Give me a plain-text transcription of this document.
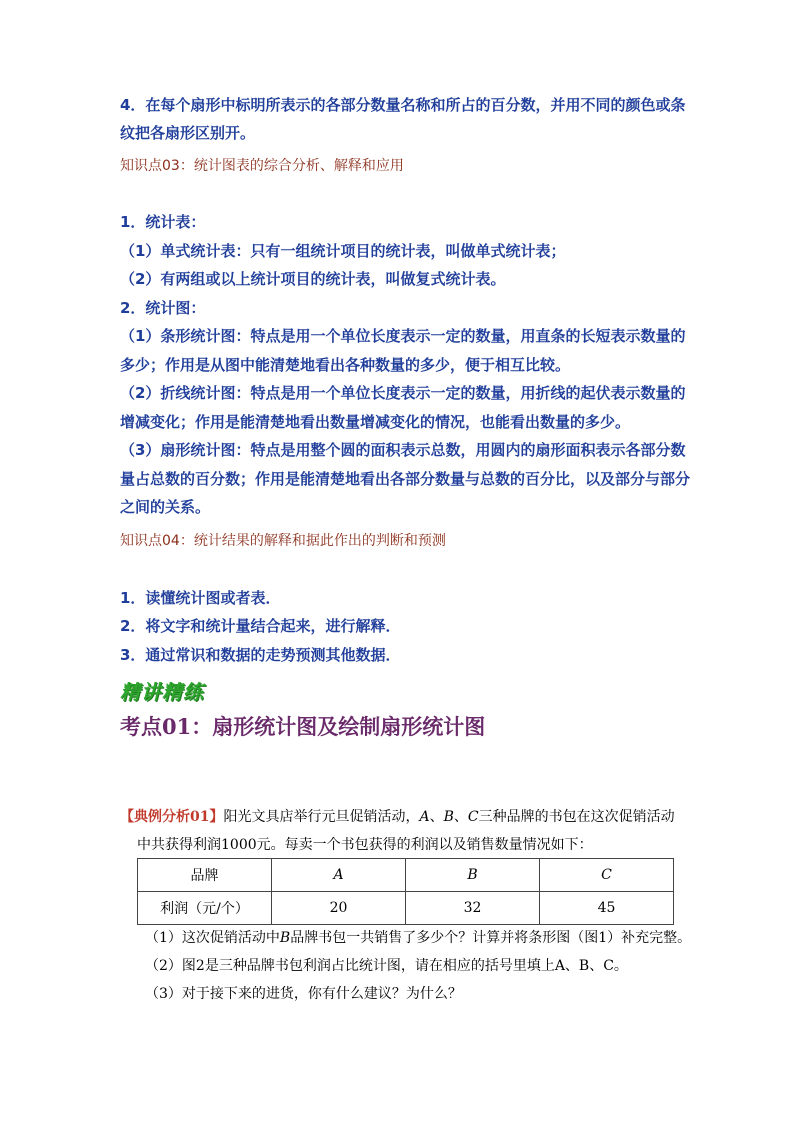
4．在每个扇形中标明所表示的各部分数量名称和所占的百分数，并用不同的颜色或条
纹把各扇形区别开。
知识点03：统计图表的综合分析、解释和应用
1．统计表：
（1）单式统计表：只有一组统计项目的统计表，叫做单式统计表；
（2）有两组或以上统计项目的统计表，叫做复式统计表。
2．统计图：
（1）条形统计图：特点是用一个单位长度表示一定的数量，用直条的长短表示数量的
多少；作用是从图中能清楚地看出各种数量的多少，便于相互比较。
（2）折线统计图：特点是用一个单位长度表示一定的数量，用折线的起伏表示数量的
增减变化；作用是能清楚地看出数量增减变化的情况，也能看出数量的多少。
（3）扇形统计图：特点是用整个圆的面积表示总数，用圆内的扇形面积表示各部分数
量占总数的百分数；作用是能清楚地看出各部分数量与总数的百分比，以及部分与部分
之间的关系。
知识点04：统计结果的解释和据此作出的判断和预测
1．读懂统计图或者表．
2．将文字和统计量结合起来，进行解释．
3．通过常识和数据的走势预测其他数据．
精讲精练
考点01：扇形统计图及绘制扇形统计图
【典例分析01】阳光文具店举行元旦促销活动，A、B、C三种品牌的书包在这次促销活动
中共获得利润1000元。每卖一个书包获得的利润以及销售数量情况如下：
品牌	A	B	C
利润（元/个）	20	32	45
（1）这次促销活动中B品牌书包一共销售了多少个？计算并将条形图（图1）补充完整。
（2）图2是三种品牌书包利润占比统计图，请在相应的括号里填上A、B、C。
（3）对于接下来的进货，你有什么建议？为什么？
